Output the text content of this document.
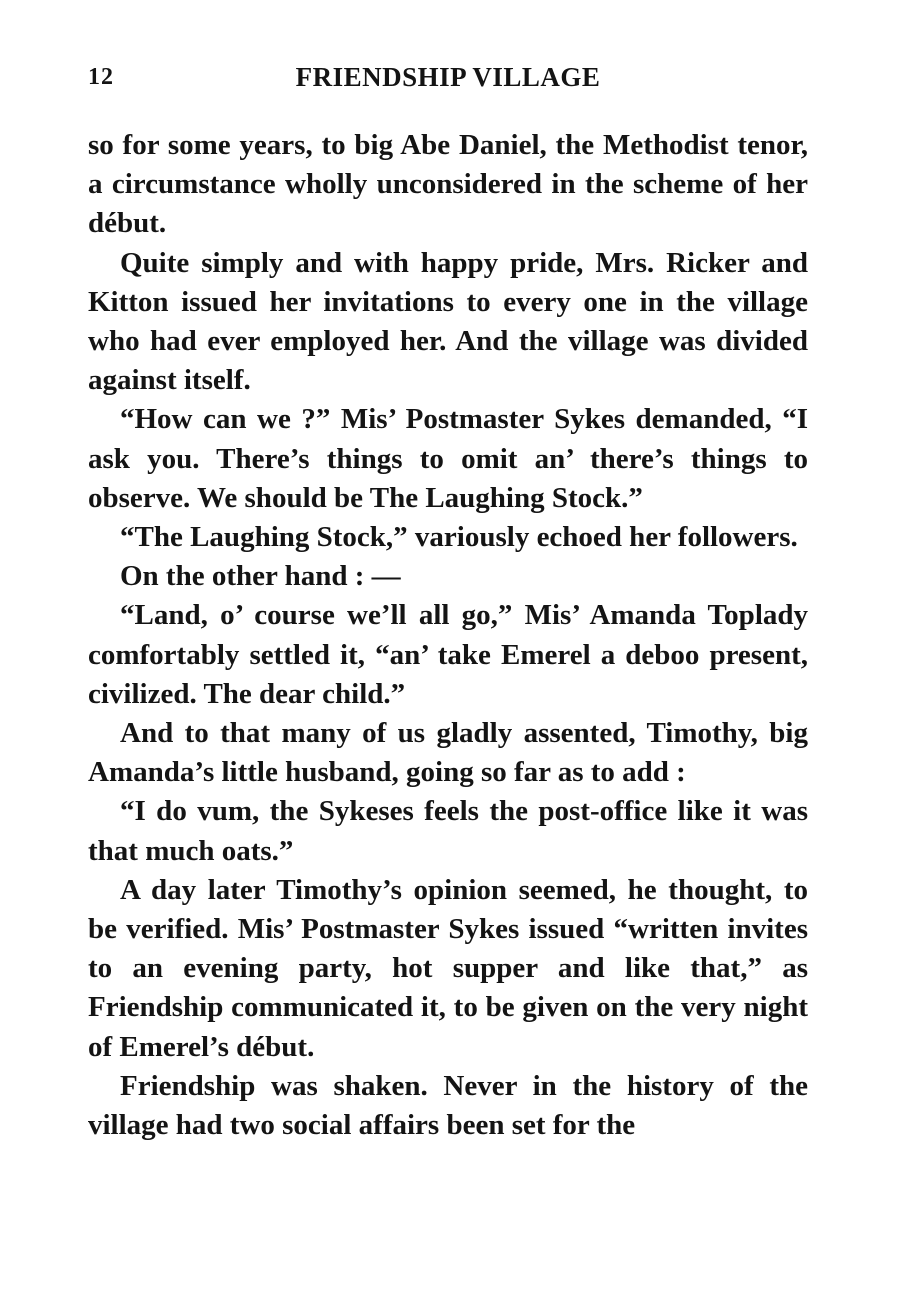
12	FRIENDSHIP VILLAGE

so for some years, to big Abe Daniel, the Methodist tenor, a circumstance wholly unconsidered in the scheme of her début.

Quite simply and with happy pride, Mrs. Ricker and Kitton issued her invitations to every one in the village who had ever employed her. And the village was divided against itself.

“How can we ?” Mis’ Postmaster Sykes demanded, “I ask you. There’s things to omit an’ there’s things to observe. We should be The Laughing Stock.”

“The Laughing Stock,” variously echoed her followers.

On the other hand : —

“Land, o’ course we’ll all go,” Mis’ Amanda Toplady comfortably settled it, “an’ take Emerel a deboo present, civilized. The dear child.”

And to that many of us gladly assented, Timothy, big Amanda’s little husband, going so far as to add :

“I do vum, the Sykeses feels the post-office like it was that much oats.”

A day later Timothy’s opinion seemed, he thought, to be verified. Mis’ Postmaster Sykes issued “written invites to an evening party, hot supper and like that,” as Friendship communicated it, to be given on the very night of Emerel’s début.

Friendship was shaken. Never in the history of the village had two social affairs been set for the
